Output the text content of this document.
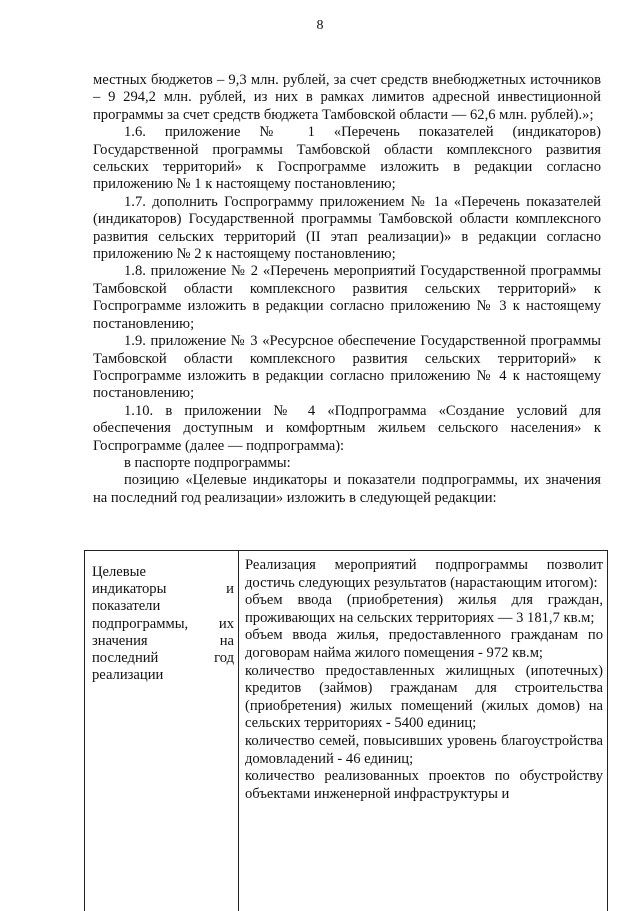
8

местных бюджетов – 9,3 млн. рублей, за счет средств внебюджетных источников – 9 294,2 млн. рублей, из них в рамках лимитов адресной инвестиционной программы за счет средств бюджета Тамбовской области — 62,6 млн. рублей).»;

1.6. приложение № 1 «Перечень показателей (индикаторов) Государственной программы Тамбовской области комплексного развития сельских территорий» к Госпрограмме изложить в редакции согласно приложению № 1 к настоящему постановлению;

1.7. дополнить Госпрограмму приложением № 1а «Перечень показателей (индикаторов) Государственной программы Тамбовской области комплексного развития сельских территорий (II этап реализации)» в редакции согласно приложению № 2 к настоящему постановлению;

1.8. приложение № 2 «Перечень мероприятий Государственной программы Тамбовской области комплексного развития сельских территорий» к Госпрограмме изложить в редакции согласно приложению № 3 к настоящему постановлению;

1.9. приложение № 3 «Ресурсное обеспечение Государственной программы Тамбовской области комплексного развития сельских территорий» к Госпрограмме изложить в редакции согласно приложению № 4 к настоящему постановлению;

1.10. в приложении № 4 «Подпрограмма «Создание условий для обеспечения доступным и комфортным жильем сельского населения» к Госпрограмме (далее — подпрограмма):

в паспорте подпрограммы:

позицию «Целевые индикаторы и показатели подпрограммы, их значения на последний год реализации» изложить в следующей редакции:

Целевые

индикаторы и

показатели

подпрограммы, их

значения на

последний год

реализации

Реализация мероприятий подпрограммы позволит достичь следующих результатов (нарастающим итогом):

объем ввода (приобретения) жилья для граждан, проживающих на сельских территориях — 3 181,7 кв.м;

объем ввода жилья, предоставленного гражданам по договорам найма жилого помещения - 972 кв.м;

количество предоставленных жилищных (ипотечных) кредитов (займов) гражданам для строительства (приобретения) жилых помещений (жилых домов) на сельских территориях - 5400 единиц;

количество семей, повысивших уровень благоустройства домовладений - 46 единиц;

количество реализованных проектов по обустройству объектами инженерной инфраструктуры и
